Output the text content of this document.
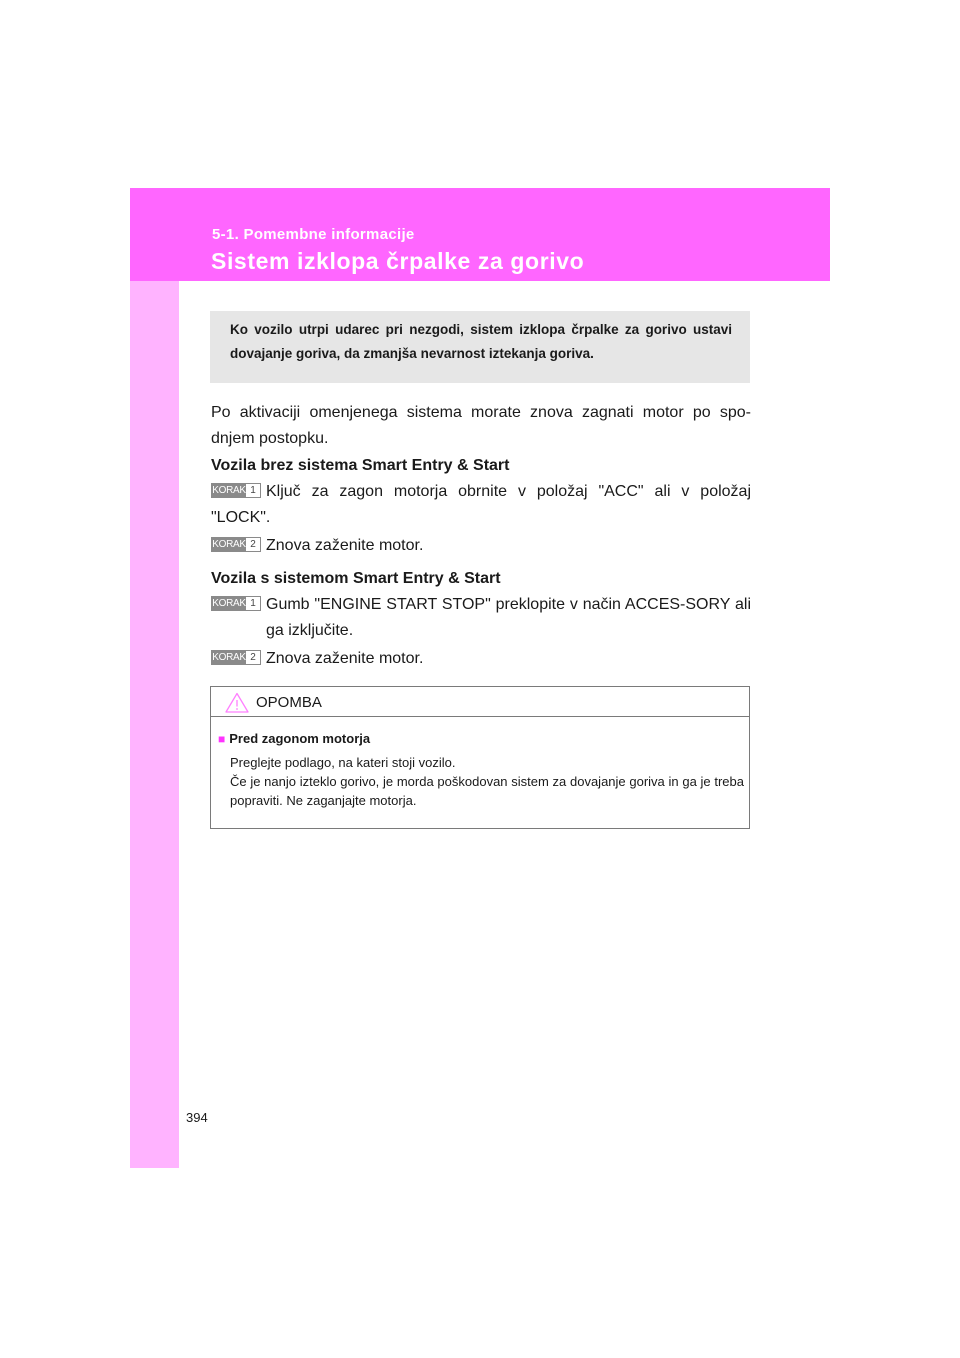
5-1. Pomembne informacije
Sistem izklopa črpalke za gorivo
Ko vozilo utrpi udarec pri nezgodi, sistem izklopa črpalke za gorivo ustavi dovajanje goriva, da zmanjša nevarnost iztekanja goriva.
Po aktivaciji omenjenega sistema morate znova zagnati motor po spo-dnjem postopku.
Vozila brez sistema Smart Entry & Start
KORAK 1 Ključ za zagon motorja obrnite v položaj "ACC" ali v položaj
"LOCK".
KORAK 2 Znova zaženite motor.
Vozila s sistemom Smart Entry & Start
KORAK 1 Gumb "ENGINE START STOP" preklopite v način ACCES-SORY ali ga izključite.
KORAK 2 Znova zaženite motor.
OPOMBA
■ Pred zagonom motorja
Preglejte podlago, na kateri stoji vozilo.
Če je nanjo izteklo gorivo, je morda poškodovan sistem za dovajanje goriva in ga je treba popraviti. Ne zaganjajte motorja.
394
